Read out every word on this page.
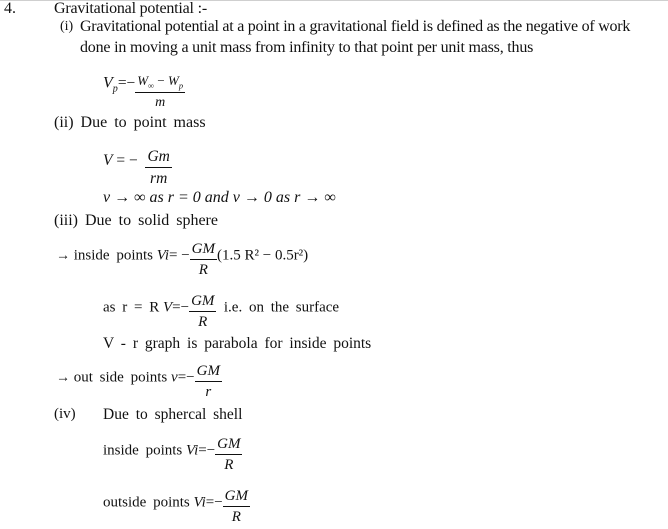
4. Gravitational potential :-
(i) Gravitational potential at a point in a gravitational field is defined as the negative of work
done in moving a unit mass from infinity to that point per unit mass, thus
$V_p=- \frac{W_\infty - W_p}{m}$
(ii) Due to point mass
V = − $\frac{Gm}{rm}$
v → ∞ as r = 0 and v → 0 as r → ∞
(iii) Due to solid sphere
→ inside points $Vi= - \frac{GM}{R} (1.5$ R² − 0.5r²)
as r = R $V=- \frac{GM}{R} i.e$. on the surface
V - r graph is parabola for inside points
→ out side points $v=- \frac{GM}{r}$
(iv) Due to sphercal shell
inside points $Vi=- \frac{GM}{R}$
outside points $Vi=- \frac{GM}{R}$
